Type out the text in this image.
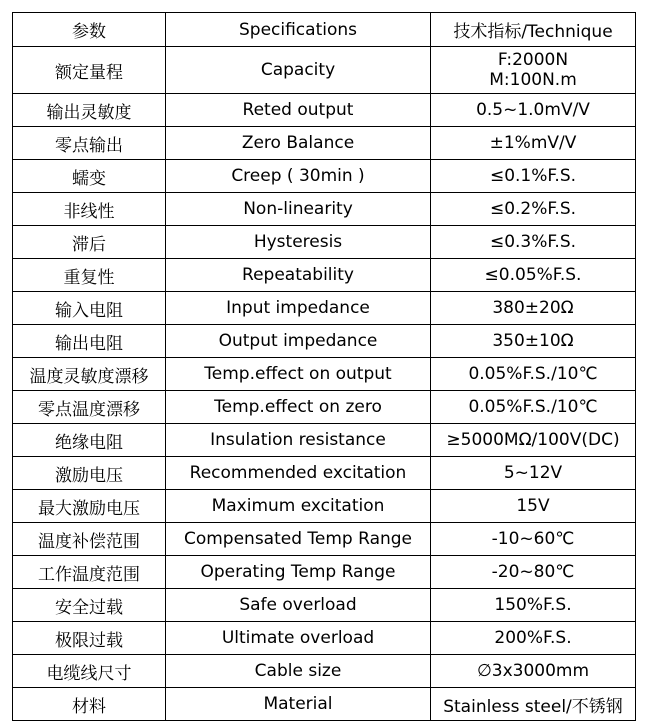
参数	Specifications	技术指标/Technique
额定量程	Capacity	F:2000N
M:100N.m

输出灵敏度	Reted output	0.5~1.0mV/V
零点输出	Zero Balance	±1%mV/V
蠕变	Creep ( 30min )	≤0.1%F.S.
非线性	Non-linearity	≤0.2%F.S.
滞后	Hysteresis	≤0.3%F.S.
重复性	Repeatability	≤0.05%F.S.
输入电阻	Input impedance	380±20Ω
输出电阻	Output impedance	350±10Ω
温度灵敏度漂移	Temp.effect on output	0.05%F.S./10℃
零点温度漂移	Temp.effect on zero	0.05%F.S./10℃
绝缘电阻	Insulation resistance	≥5000MΩ/100V(DC)
激励电压	Recommended excitation	5~12V
最大激励电压	Maximum excitation	15V
温度补偿范围	Compensated Temp Range	-10~60℃
工作温度范围	Operating Temp Range	-20~80℃
安全过载	Safe overload	150%F.S.
极限过载	Ultimate overload	200%F.S.
电缆线尺寸	Cable size	∅3x3000mm
材料	Material	Stainless steel/不锈钢
